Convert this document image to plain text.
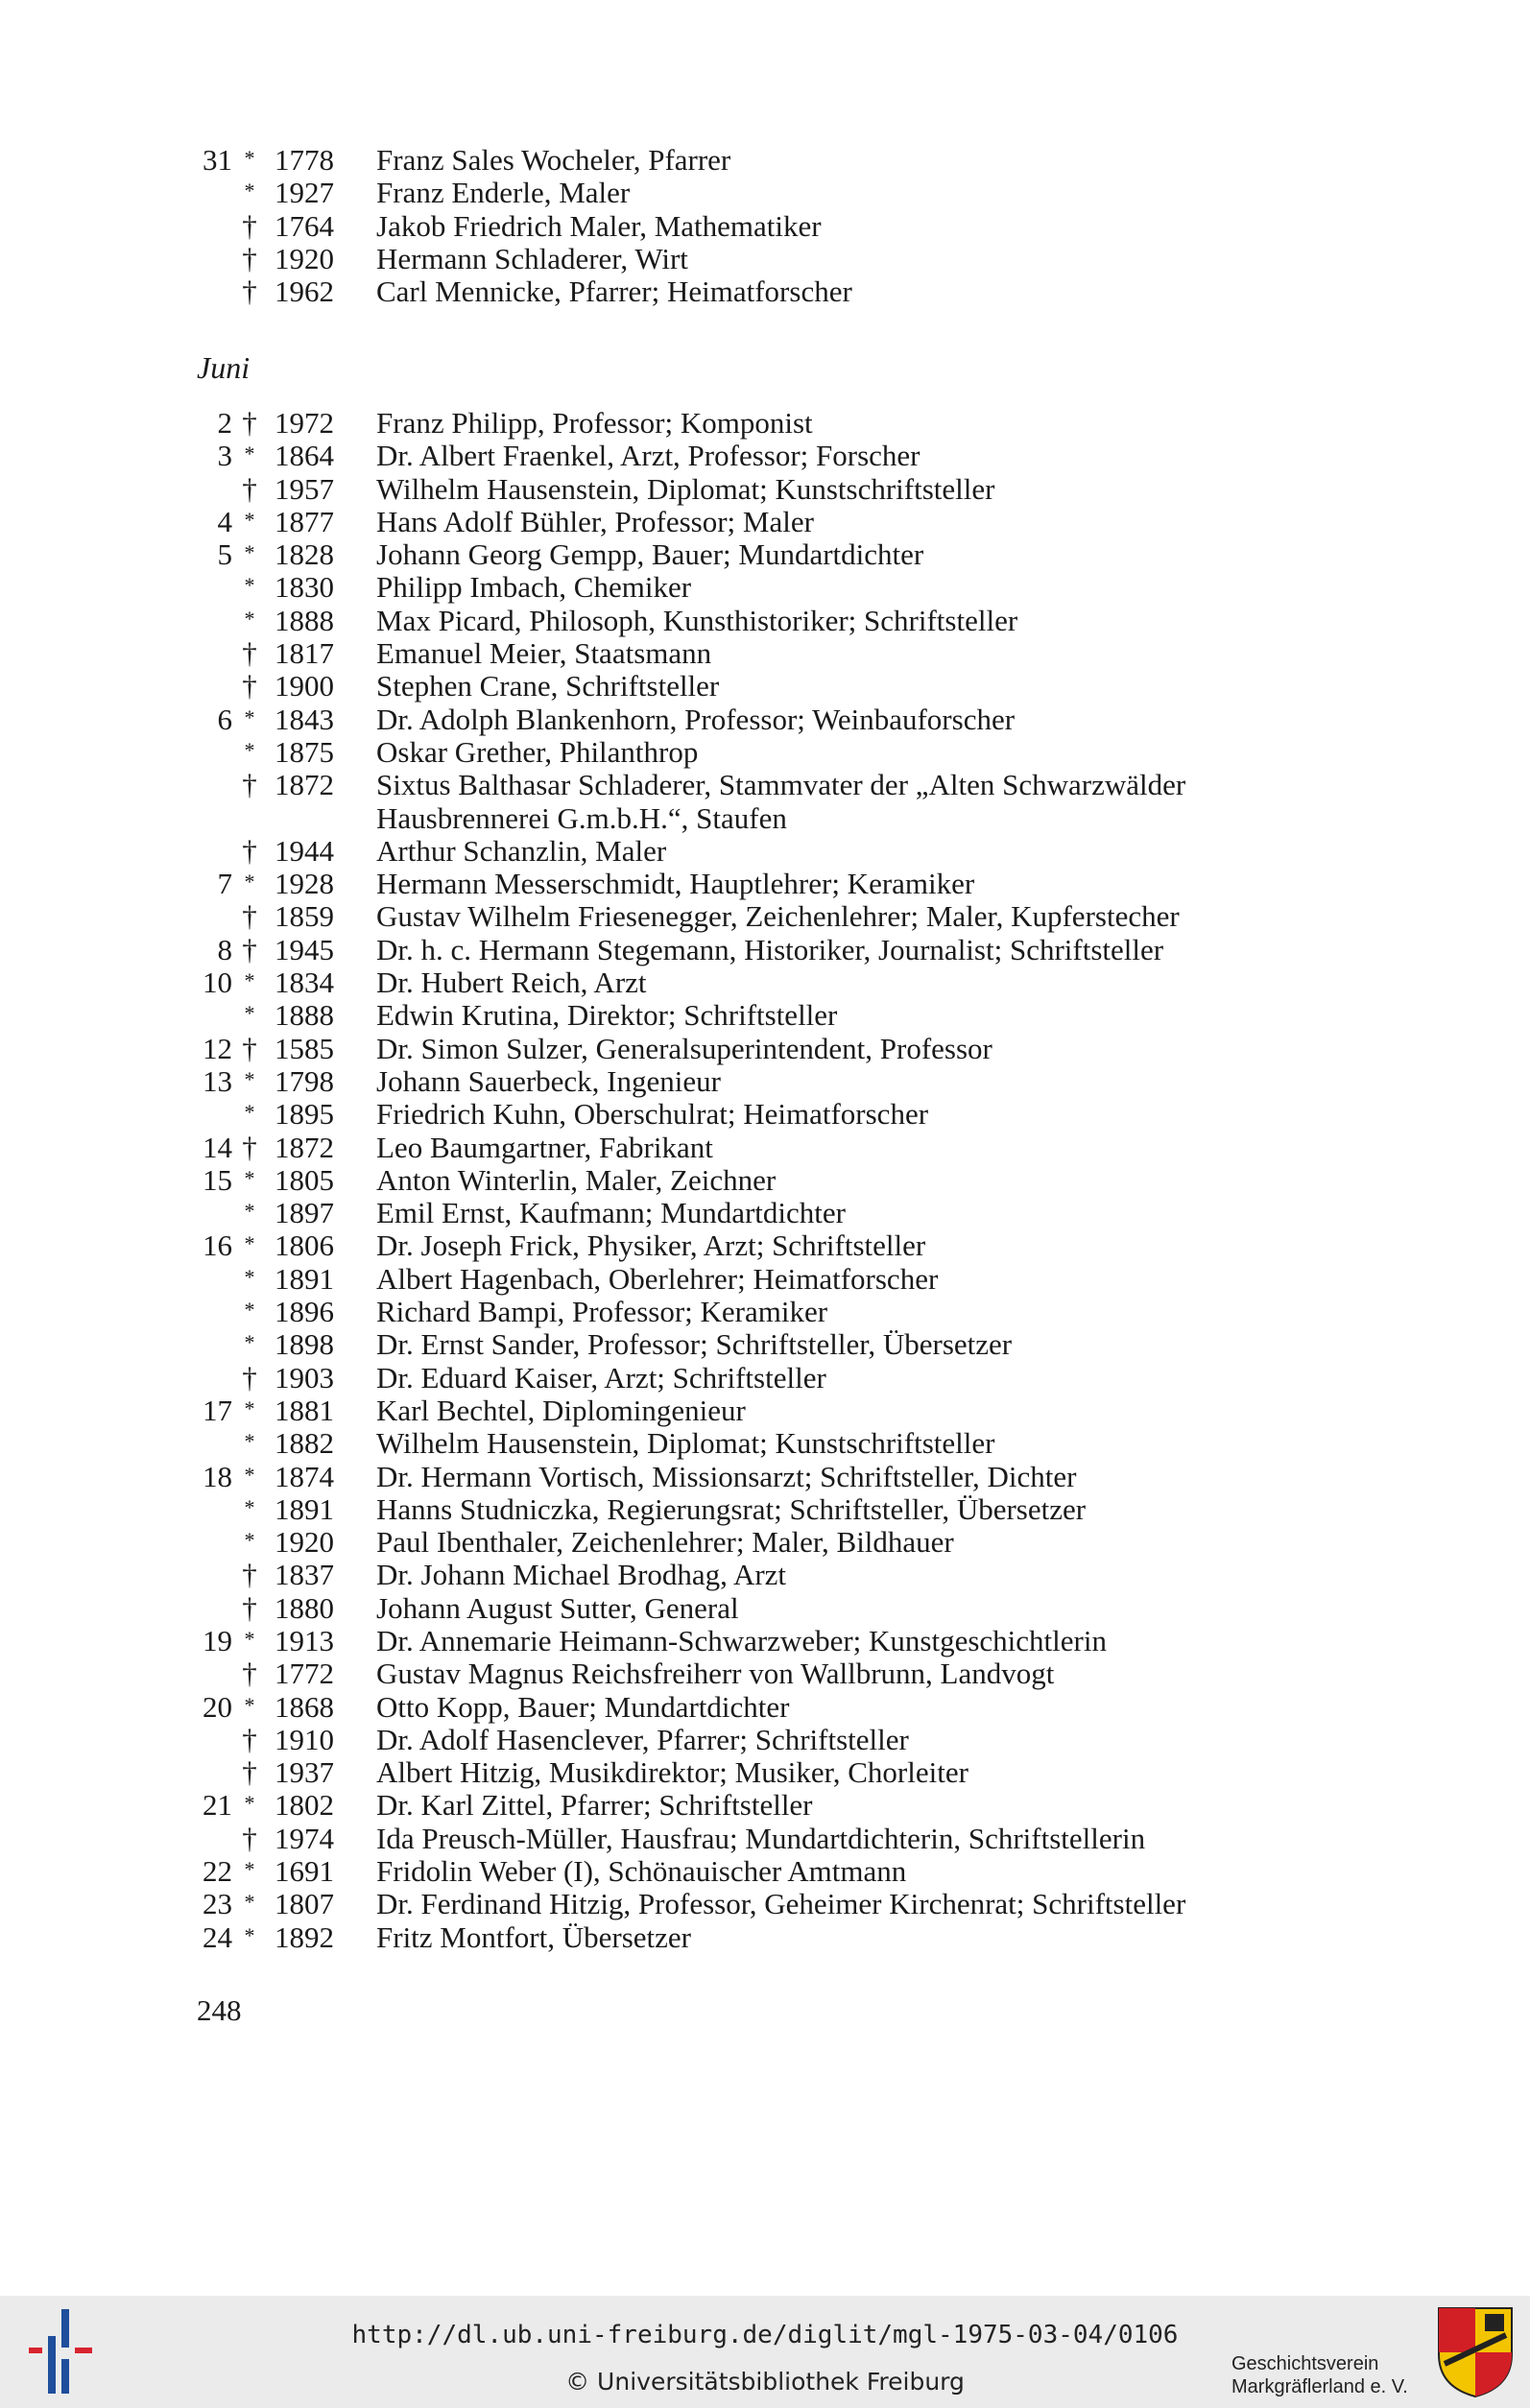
31 * 1778 Franz Sales Wocheler, Pfarrer
* 1927 Franz Enderle, Maler
† 1764 Jakob Friedrich Maler, Mathematiker
† 1920 Hermann Schladerer, Wirt
† 1962 Carl Mennicke, Pfarrer; Heimatforscher
Juni
2 † 1972 Franz Philipp, Professor; Komponist
3 * 1864 Dr. Albert Fraenkel, Arzt, Professor; Forscher
† 1957 Wilhelm Hausenstein, Diplomat; Kunstschriftsteller
4 * 1877 Hans Adolf Bühler, Professor; Maler
5 * 1828 Johann Georg Gempp, Bauer; Mundartdichter
* 1830 Philipp Imbach, Chemiker
* 1888 Max Picard, Philosoph, Kunsthistoriker; Schriftsteller
† 1817 Emanuel Meier, Staatsmann
† 1900 Stephen Crane, Schriftsteller
6 * 1843 Dr. Adolph Blankenhorn, Professor; Weinbauforscher
* 1875 Oskar Grether, Philanthrop
† 1872 Sixtus Balthasar Schladerer, Stammvater der „Alten Schwarzwälder
Hausbrennerei G.m.b.H.“, Staufen
† 1944 Arthur Schanzlin, Maler
7 * 1928 Hermann Messerschmidt, Hauptlehrer; Keramiker
† 1859 Gustav Wilhelm Friesenegger, Zeichenlehrer; Maler, Kupferstecher
8 † 1945 Dr. h. c. Hermann Stegemann, Historiker, Journalist; Schriftsteller
10 * 1834 Dr. Hubert Reich, Arzt
* 1888 Edwin Krutina, Direktor; Schriftsteller
12 † 1585 Dr. Simon Sulzer, Generalsuperintendent, Professor
13 * 1798 Johann Sauerbeck, Ingenieur
* 1895 Friedrich Kuhn, Oberschulrat; Heimatforscher
14 † 1872 Leo Baumgartner, Fabrikant
15 * 1805 Anton Winterlin, Maler, Zeichner
* 1897 Emil Ernst, Kaufmann; Mundartdichter
16 * 1806 Dr. Joseph Frick, Physiker, Arzt; Schriftsteller
* 1891 Albert Hagenbach, Oberlehrer; Heimatforscher
* 1896 Richard Bampi, Professor; Keramiker
* 1898 Dr. Ernst Sander, Professor; Schriftsteller, Übersetzer
† 1903 Dr. Eduard Kaiser, Arzt; Schriftsteller
17 * 1881 Karl Bechtel, Diplomingenieur
* 1882 Wilhelm Hausenstein, Diplomat; Kunstschriftsteller
18 * 1874 Dr. Hermann Vortisch, Missionsarzt; Schriftsteller, Dichter
* 1891 Hanns Studniczka, Regierungsrat; Schriftsteller, Übersetzer
* 1920 Paul Ibenthaler, Zeichenlehrer; Maler, Bildhauer
† 1837 Dr. Johann Michael Brodhag, Arzt
† 1880 Johann August Sutter, General
19 * 1913 Dr. Annemarie Heimann-Schwarzweber; Kunstgeschichtlerin
† 1772 Gustav Magnus Reichsfreiherr von Wallbrunn, Landvogt
20 * 1868 Otto Kopp, Bauer; Mundartdichter
† 1910 Dr. Adolf Hasenclever, Pfarrer; Schriftsteller
† 1937 Albert Hitzig, Musikdirektor; Musiker, Chorleiter
21 * 1802 Dr. Karl Zittel, Pfarrer; Schriftsteller
† 1974 Ida Preusch-Müller, Hausfrau; Mundartdichterin, Schriftstellerin
22 * 1691 Fridolin Weber (I), Schönauischer Amtmann
23 * 1807 Dr. Ferdinand Hitzig, Professor, Geheimer Kirchenrat; Schriftsteller
24 * 1892 Fritz Montfort, Übersetzer
248
Geschichtsverein
Markgräflerland e. V.
http://dl.ub.uni-freiburg.de/diglit/mgl-1975-03-04/0106
© Universitätsbibliothek Freiburg
